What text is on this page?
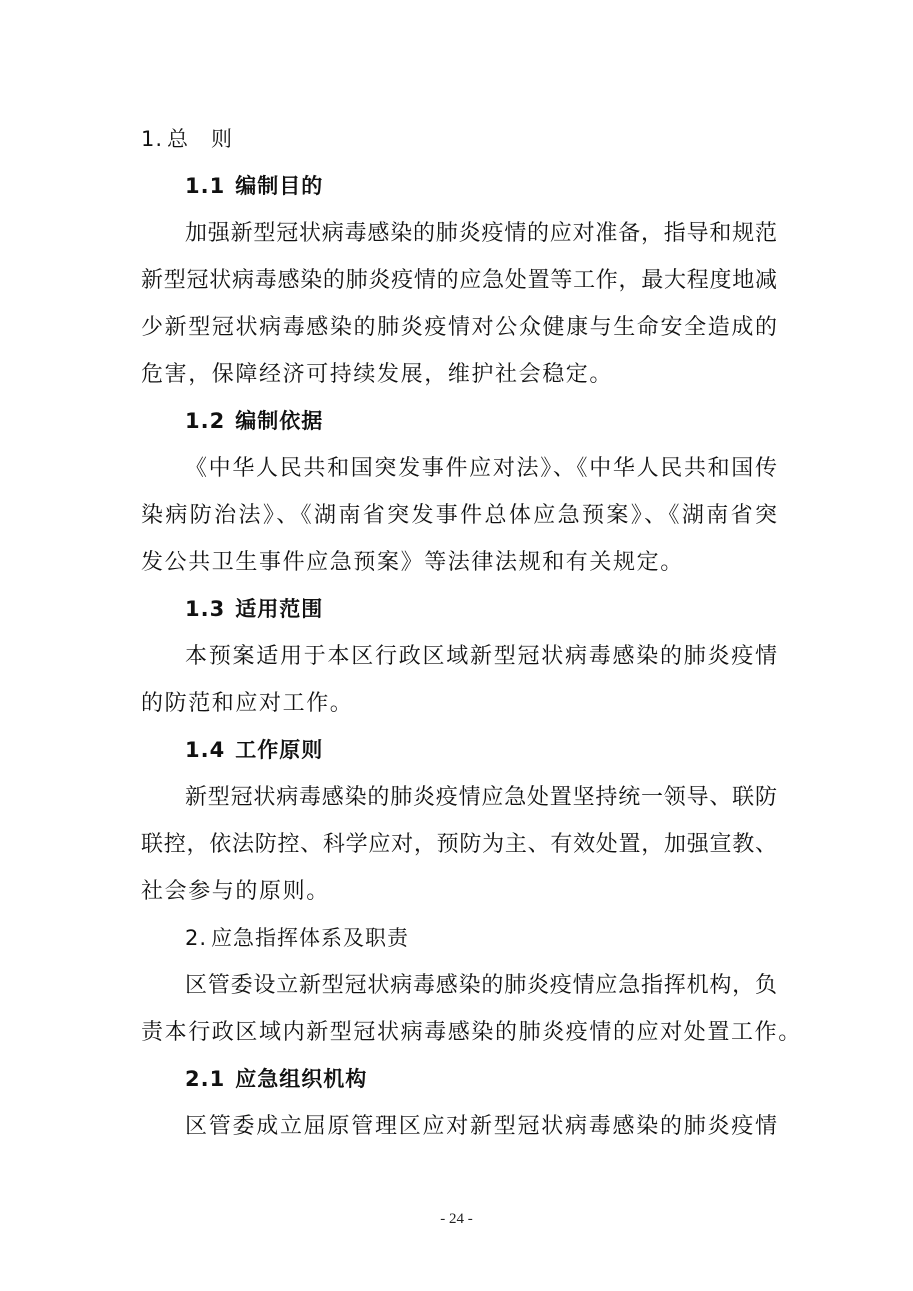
1. 总　则
1.1 编制目的
加强新型冠状病毒感染的肺炎疫情的应对准备，指导和规范
新型冠状病毒感染的肺炎疫情的应急处置等工作，最大程度地减
少新型冠状病毒感染的肺炎疫情对公众健康与生命安全造成的
危害，保障经济可持续发展，维护社会稳定。
1.2 编制依据
《中华人民共和国突发事件应对法》、《中华人民共和国传
染病防治法》、《湖南省突发事件总体应急预案》、《湖南省突
发公共卫生事件应急预案》等法律法规和有关规定。
1.3 适用范围
本预案适用于本区行政区域新型冠状病毒感染的肺炎疫情
的防范和应对工作。
1.4 工作原则
新型冠状病毒感染的肺炎疫情应急处置坚持统一领导、联防
联控，依法防控、科学应对，预防为主、有效处置，加强宣教、
社会参与的原则。
2. 应急指挥体系及职责
区管委设立新型冠状病毒感染的肺炎疫情应急指挥机构，负
责本行政区域内新型冠状病毒感染的肺炎疫情的应对处置工作。
2.1 应急组织机构
区管委成立屈原管理区应对新型冠状病毒感染的肺炎疫情
- 24 -
